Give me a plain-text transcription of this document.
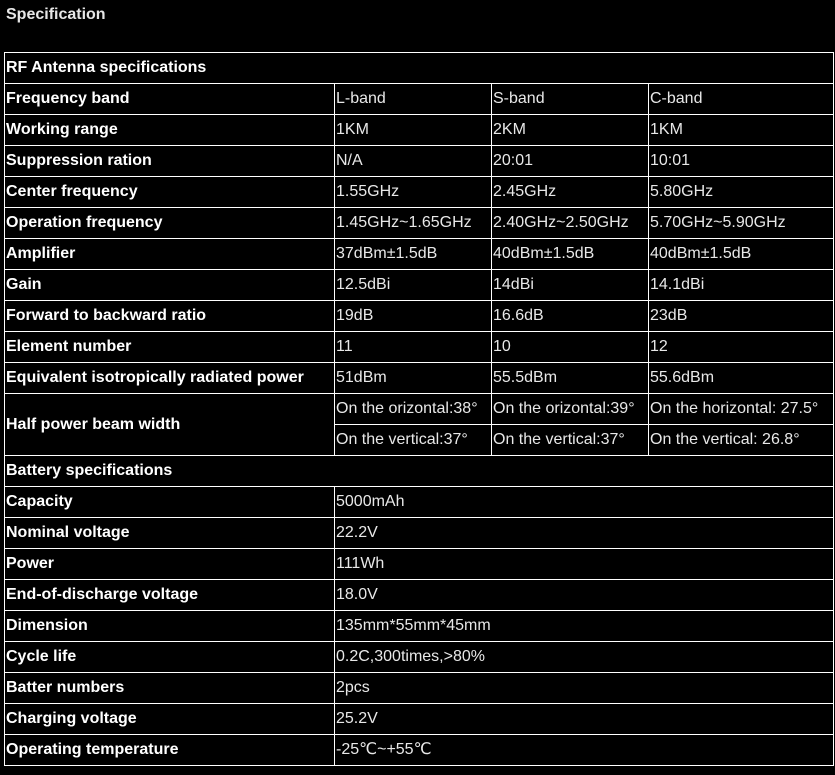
Specification
RF Antenna specifications			
Frequency band	L-band	S-band	C-band
Working range	1KM	2KM	1KM
Suppression ration	N/A	20:01	10:01
Center frequency	1.55GHz	2.45GHz	5.80GHz
Operation frequency	1.45GHz~1.65GHz	2.40GHz~2.50GHz	5.70GHz~5.90GHz
Amplifier	37dBm±1.5dB	40dBm±1.5dB	40dBm±1.5dB
Gain	12.5dBi	14dBi	14.1dBi
Forward to backward ratio	19dB	16.6dB	23dB
Element number	11	10	12
Equivalent isotropically radiated power	51dBm	55.5dBm	55.6dBm
Half power beam width	On the orizontal:38°	On the orizontal:39°	On the horizontal: 27.5°
	On the vertical:37°	On the vertical:37°	On the vertical: 26.8°
Battery specifications			
Capacity	5000mAh		
Nominal voltage	22.2V		
Power	111Wh		
End-of-discharge voltage	18.0V		
Dimension	135mm*55mm*45mm		
Cycle life	0.2C,300times,>80%		
Batter numbers	2pcs		
Charging voltage	25.2V		
Operating temperature	-25℃~+55℃		
